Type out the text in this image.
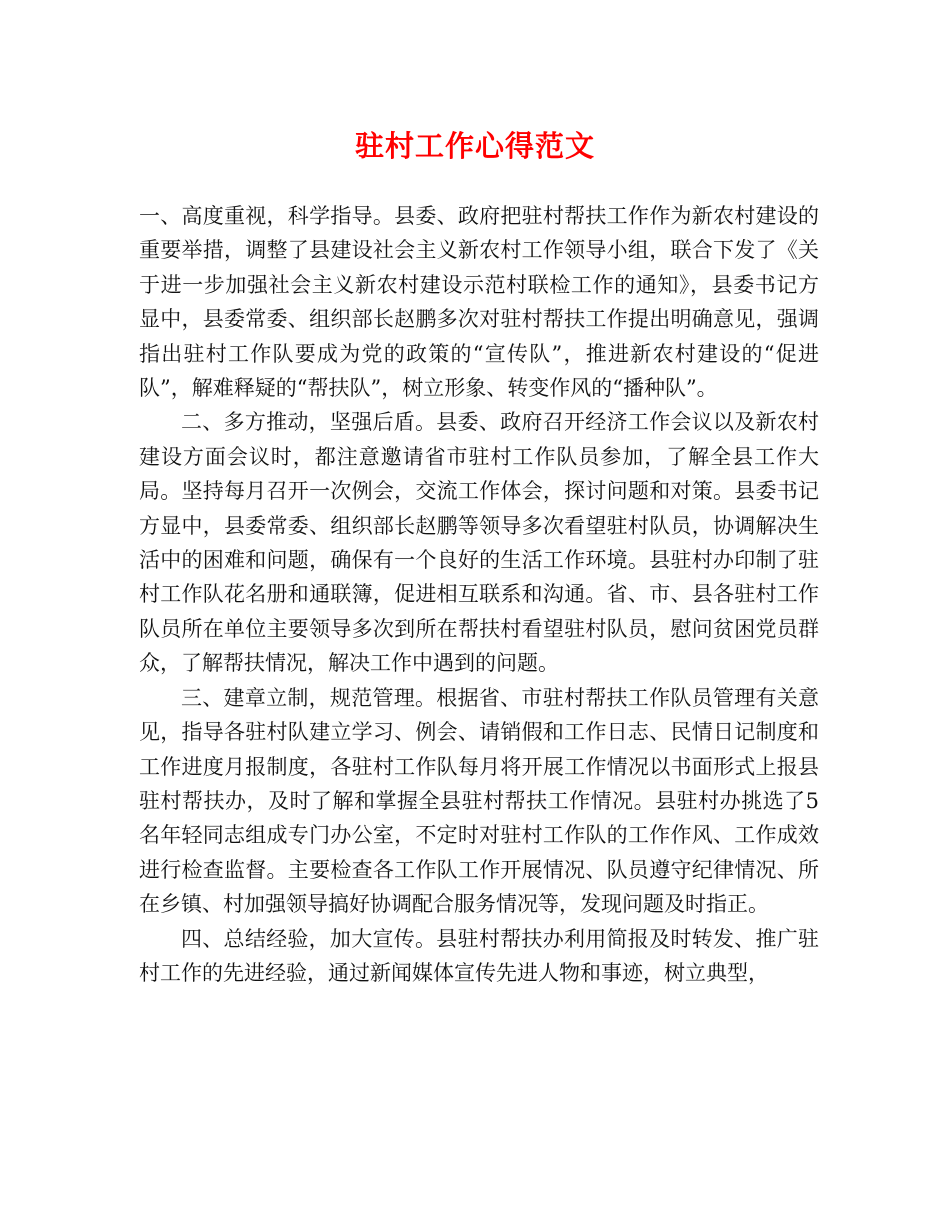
驻村工作心得范文

一、高度重视，科学指导。县委、政府把驻村帮扶工作作为新农村建设的重要举措，调整了县建设社会主义新农村工作领导小组，联合下发了《关于进一步加强社会主义新农村建设示范村联检工作的通知》，县委书记方显中，县委常委、组织部长赵鹏多次对驻村帮扶工作提出明确意见，强调指出驻村工作队要成为党的政策的“宣传队”，推进新农村建设的“促进队”，解难释疑的“帮扶队”，树立形象、转变作风的“播种队”。

二、多方推动，坚强后盾。县委、政府召开经济工作会议以及新农村建设方面会议时，都注意邀请省市驻村工作队员参加，了解全县工作大局。坚持每月召开一次例会，交流工作体会，探讨问题和对策。县委书记方显中，县委常委、组织部长赵鹏等领导多次看望驻村队员，协调解决生活中的困难和问题，确保有一个良好的生活工作环境。县驻村办印制了驻村工作队花名册和通联簿，促进相互联系和沟通。省、市、县各驻村工作队员所在单位主要领导多次到所在帮扶村看望驻村队员，慰问贫困党员群众，了解帮扶情况，解决工作中遇到的问题。

三、建章立制，规范管理。根据省、市驻村帮扶工作队员管理有关意见，指导各驻村队建立学习、例会、请销假和工作日志、民情日记制度和工作进度月报制度，各驻村工作队每月将开展工作情况以书面形式上报县驻村帮扶办，及时了解和掌握全县驻村帮扶工作情况。县驻村办挑选了5名年轻同志组成专门办公室，不定时对驻村工作队的工作作风、工作成效进行检查监督。主要检查各工作队工作开展情况、队员遵守纪律情况、所在乡镇、村加强领导搞好协调配合服务情况等，发现问题及时指正。

四、总结经验，加大宣传。县驻村帮扶办利用简报及时转发、推广驻村工作的先进经验，通过新闻媒体宣传先进人物和事迹，树立典型，
